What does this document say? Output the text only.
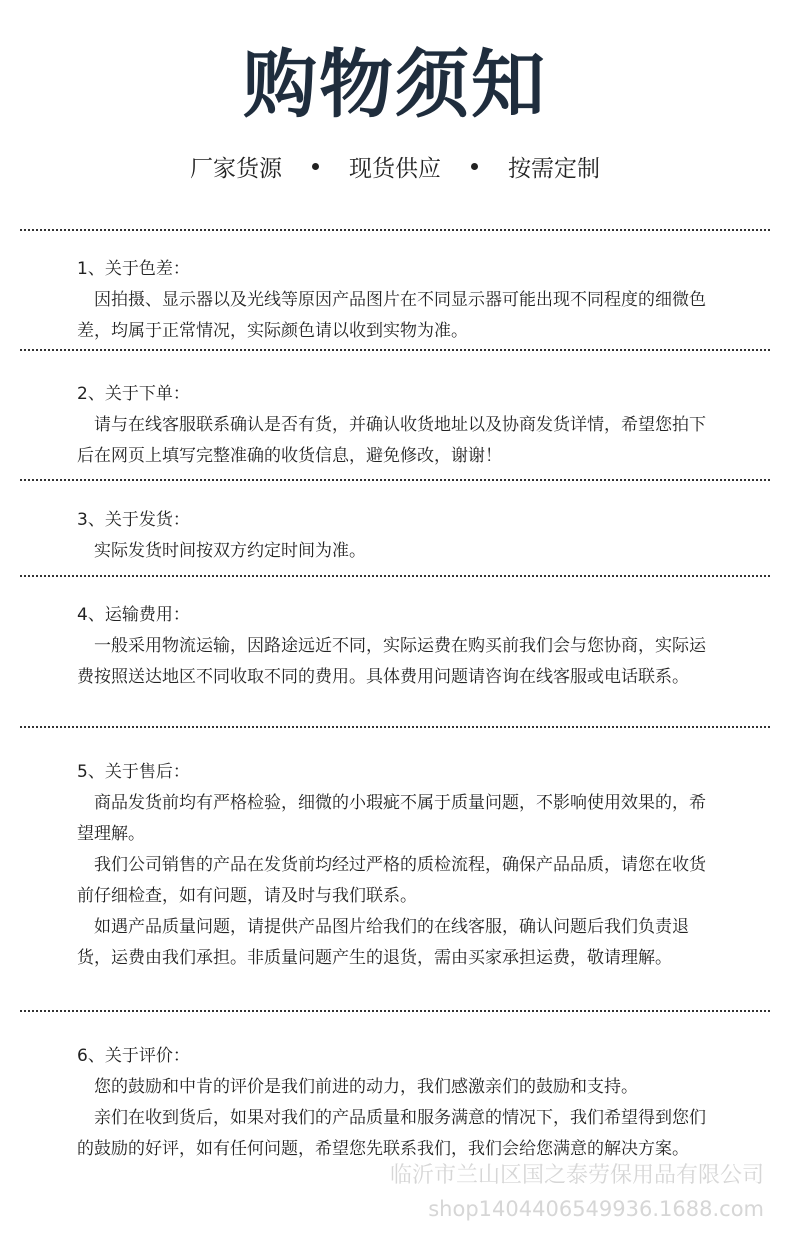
购物须知
厂家货源	现货供应	按需定制
1、关于色差：

因拍摄、显示器以及光线等原因产品图片在不同显示器可能出现不同程度的细微色差，均属于正常情况，实际颜色请以收到实物为准。

2、关于下单：

请与在线客服联系确认是否有货，并确认收货地址以及协商发货详情，希望您拍下后在网页上填写完整准确的收货信息，避免修改，谢谢！

3、关于发货：

实际发货时间按双方约定时间为准。

4、运输费用：

一般采用物流运输，因路途远近不同，实际运费在购买前我们会与您协商，实际运费按照送达地区不同收取不同的费用。具体费用问题请咨询在线客服或电话联系。

5、关于售后：

商品发货前均有严格检验，细微的小瑕疵不属于质量问题，不影响使用效果的，希望理解。

我们公司销售的产品在发货前均经过严格的质检流程，确保产品品质，请您在收货前仔细检查，如有问题，请及时与我们联系。

如遇产品质量问题，请提供产品图片给我们的在线客服，确认问题后我们负责退货，运费由我们承担。非质量问题产生的退货，需由买家承担运费，敬请理解。

6、关于评价：

您的鼓励和中肯的评价是我们前进的动力，我们感激亲们的鼓励和支持。

亲们在收到货后，如果对我们的产品质量和服务满意的情况下，我们希望得到您们的鼓励的好评，如有任何问题，希望您先联系我们，我们会给您满意的解决方案。

临沂市兰山区国之泰劳保用品有限公司
shop1404406549936.1688.com
